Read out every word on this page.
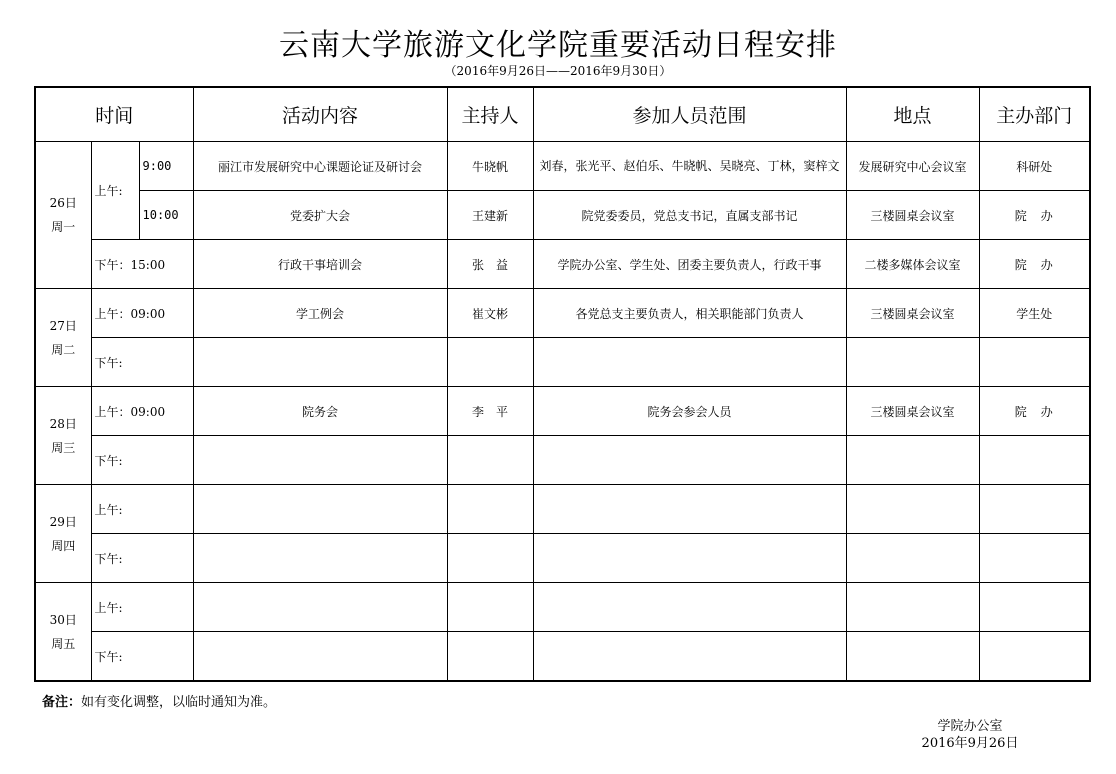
云南大学旅游文化学院重要活动日程安排
（2016年9月26日——2016年9月30日）
时间			活动内容	主持人	参加人员范围	地点	主办部门

26日
周一	上午:	9:00	丽江市发展研究中心课题论证及研讨会	牛晓帆	刘春，张光平、赵伯乐、牛晓帆、吴晓亮、丁林，窦梓文	发展研究中心会议室	科研处
		10:00	党委扩大会	王建新	院党委委员，党总支书记，直属支部书记	三楼圆桌会议室	院　办
	下午：15:00		行政干事培训会	张　益	学院办公室、学生处、团委主要负责人，行政干事	二楼多媒体会议室	院　办

27日
周二	上午：09:00		学工例会	崔文彬	各党总支主要负责人，相关职能部门负责人	三楼圆桌会议室	学生处
	下午:						

28日
周三	上午：09:00		院务会	李　平	院务会参会人员	三楼圆桌会议室	院　办
	下午:						

29日
周四	上午:						
	下午:						

30日
周五	上午:						
	下午:						
备注：如有变化调整，以临时通知为准。
学院办公室
2016年9月26日
